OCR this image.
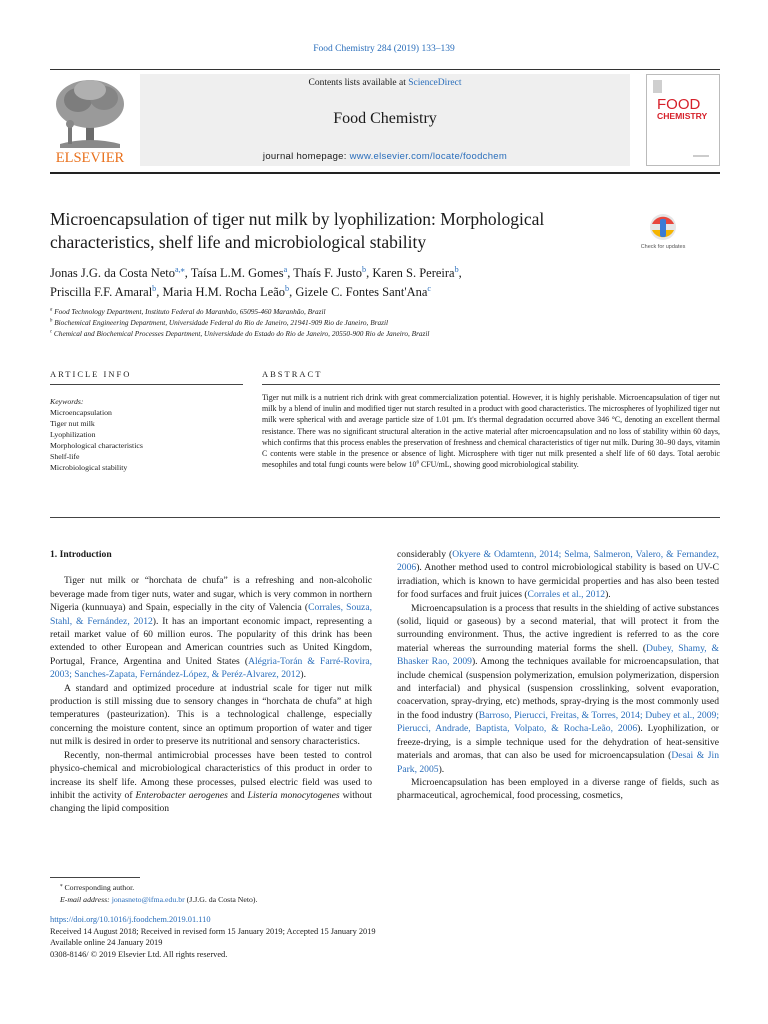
Food Chemistry 284 (2019) 133–139
ELSEVIER
Contents lists available at ScienceDirect
Food Chemistry
journal homepage: www.elsevier.com/locate/foodchem
FOOD
CHEMISTRY
Microencapsulation of tiger nut milk by lyophilization: Morphological
characteristics, shelf life and microbiological stability	Check for updates
Jonas J.G. da Costa Neto$^{a,⁎}$, Taísa L.M. Gomes$^a$, Thaís F. Justo$^b$, Karen S. Pereira$^b$,
Priscilla F.F. Amaral$^b$, Maria H.M. Rocha Leão$^b$, Gizele C. Fontes Sant'Ana$^c$
$^a$ Food Technology Department, Instituto Federal do Maranhão, 65095-460 Maranhão, Brazil
$^b$ Biochemical Engineering Department, Universidade Federal do Rio de Janeiro, 21941-909 Rio de Janeiro, Brazil
$^c$ Chemical and Biochemical Processes Department, Universidade do Estado do Rio de Janeiro, 20550-900 Rio de Janeiro, Brazil
ARTICLE INFO	ABSTRACT
Keywords:
Microencapsulation
Tiger nut milk
Lyophilization
Morphological characteristics
Shelf-life
Microbiological stability
Tiger nut milk is a nutrient rich drink with great commercialization potential. However, it is highly perishable. Microencapsulation of tiger nut milk by a blend of inulin and modified tiger nut starch resulted in a product with good characteristics. The microspheres of lyophilized tiger nut milk were spherical with and average particle size of 1.01 µm. It's thermal degradation occurred above 346 °C, denoting an excellent thermal resistance. There was no significant structural alteration in the active material after microencapsulation and no loss of stability within 60 days, which confirms that this process enables the preservation of freshness and chemical characteristics of tiger nut milk. During 30–90 days, vitamin C contents were stable in the presence or absence of light. Microsphere with tiger nut milk presented a shelf life of 60 days. Total aerobic mesophiles and total fungi counts were below $10^6$ CFU/mL, showing good microbiological stability.
1. Introduction

Tiger nut milk or “horchata de chufa” is a refreshing and non-alcoholic beverage made from tiger nuts, water and sugar, which is very common in northern Nigeria (kunnuaya) and Spain, especially in the city of Valencia (Corrales, Souza, Stahl, & Fernández, 2012). It has an important economic impact, representing a retail market value of 60 million euros. The popularity of this drink has been extended to other European and American countries such as United Kingdom, Portugal, France, Argentina and United States (Alégria-Torán & Farré-Rovira, 2003; Sanches-Zapata, Fernández-López, & Peréz-Alvarez, 2012).

A standard and optimized procedure at industrial scale for tiger nut milk production is still missing due to sensory changes in “horchata de chufa” at high temperatures (pasteurization). This is a technological challenge, especially concerning the moisture content, since an optimum proportion of water and tiger nut milk is desired in order to preserve its nutritional and sensory characteristics.

Recently, non-thermal antimicrobial processes have been tested to control physico-chemical and microbiological characteristics of this product in order to increase its shelf life. Among these processes, pulsed electric field was used to inhibit the activity of Enterobacter aerogenes and Listeria monocytogenes without changing the lipid composition

considerably (Okyere & Odamtenn, 2014; Selma, Salmeron, Valero, & Fernandez, 2006). Another method used to control microbiological stability is based on UV-C irradiation, which is known to have germicidal properties and has also been tested for food surfaces and fruit juices (Corrales et al., 2012).

Microencapsulation is a process that results in the shielding of active substances (solid, liquid or gaseous) by a second material, that will protect it from the surrounding environment. Thus, the active ingredient is referred to as the core material whereas the surrounding material forms the shell. (Dubey, Shamy, & Bhasker Rao, 2009). Among the techniques available for microencapsulation, that include chemical (suspension polymerization, emulsion polymerization, dispersion and interfacial) and physical (suspension crosslinking, solvent evaporation, coacervation, spray-drying, etc) methods, spray-drying is the most commonly used in the food industry (Barroso, Pierucci, Freitas, & Torres, 2014; Dubey et al., 2009; Pierucci, Andrade, Baptista, Volpato, & Rocha-Leão, 2006). Lyophilization, or freeze-drying, is a simple technique used for the dehydration of heat-sensitive materials and aromas, that can also be used for microencapsulation (Desai & Jin Park, 2005).

Microencapsulation has been employed in a diverse range of fields, such as pharmaceutical, agrochemical, food processing, cosmetics,

⁎ Corresponding author.
E-mail address: jonasneto@ifma.edu.br (J.J.G. da Costa Neto).
https://doi.org/10.1016/j.foodchem.2019.01.110
Received 14 August 2018; Received in revised form 15 January 2019; Accepted 15 January 2019
Available online 24 January 2019
0308-8146/ © 2019 Elsevier Ltd. All rights reserved.
